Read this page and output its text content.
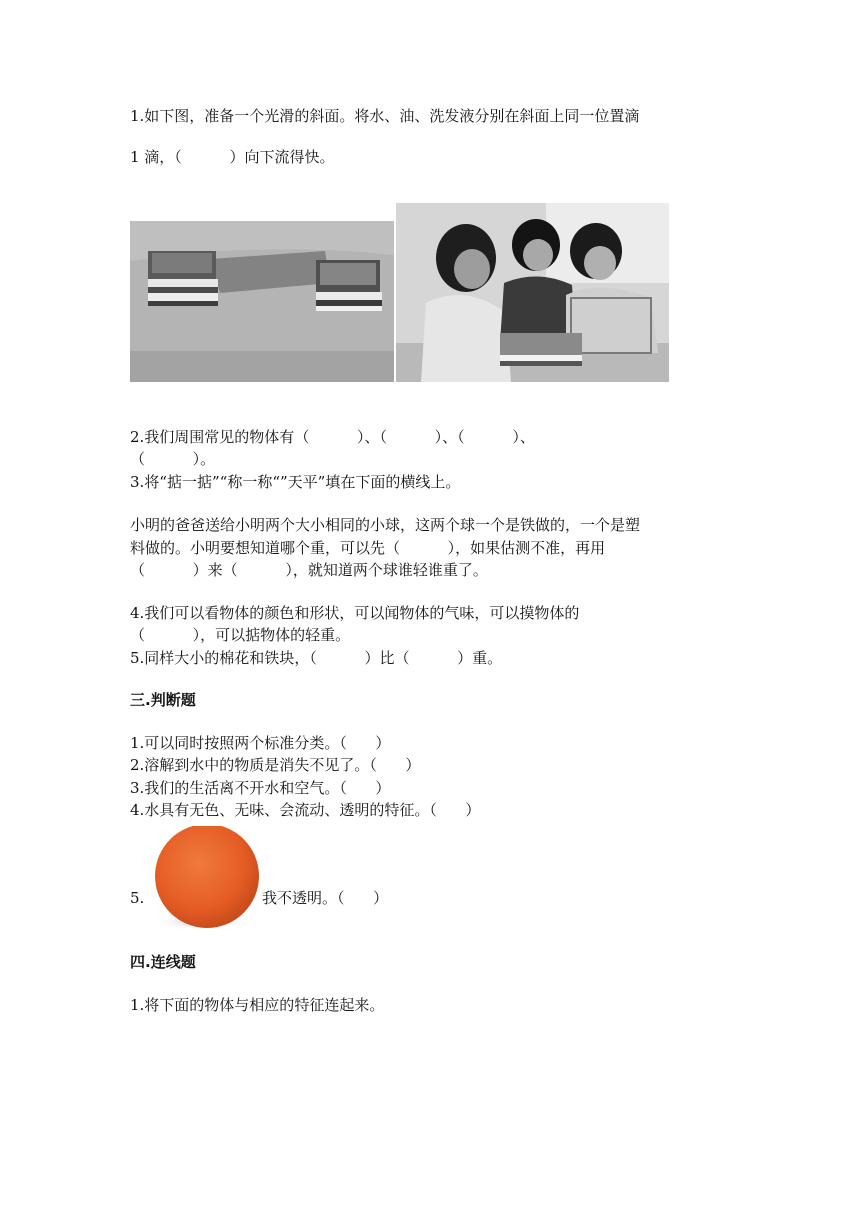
1.如下图，准备一个光滑的斜面。将水、油、洗发液分别在斜面上同一位置滴
1 滴，（          ）向下流得快。
2.我们周围常见的物体有（          ）、（          ）、（          ）、
（          ）。
3.将“掂一掂”“称一称“”天平”填在下面的横线上。
小明的爸爸送给小明两个大小相同的小球，这两个球一个是铁做的，一个是塑
料做的。小明要想知道哪个重，可以先（          ），如果估测不准，再用
（          ）来（          ），就知道两个球谁轻谁重了。
4.我们可以看物体的颜色和形状，可以闻物体的气味，可以摸物体的
（          ），可以掂物体的轻重。
5.同样大小的棉花和铁块，（          ）比（          ）重。
三.判断题
1.可以同时按照两个标准分类。（      ）
2.溶解到水中的物质是消失不见了。（      ）
3.我们的生活离不开水和空气。（      ）
4.水具有无色、无味、会流动、透明的特征。（      ）
5.	我不透明。（      ）
四.连线题
1.将下面的物体与相应的特征连起来。
